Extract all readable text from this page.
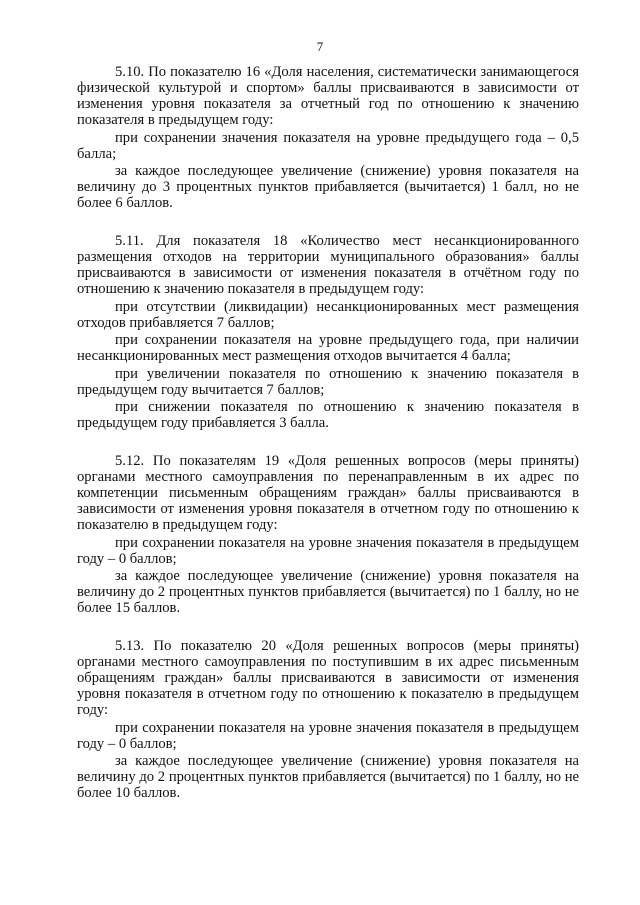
7

5.10. По показателю 16 «Доля населения, систематически занимающегося физической культурой и спортом» баллы присваиваются в зависимости от изменения уровня показателя за отчетный год по отношению к значению показателя в предыдущем году:

при сохранении значения показателя на уровне предыдущего года – 0,5 балла;

за каждое последующее увеличение (снижение) уровня показателя на величину до 3 процентных пунктов прибавляется (вычитается) 1 балл, но не более 6 баллов.

5.11. Для показателя 18 «Количество мест несанкционированного размещения отходов на территории муниципального образования» баллы присваиваются в зависимости от изменения показателя в отчётном году по отношению к значению показателя в предыдущем году:

при отсутствии (ликвидации) несанкционированных мест размещения отходов прибавляется 7 баллов;

при сохранении показателя на уровне предыдущего года, при наличии несанкционированных мест размещения отходов вычитается 4 балла;

при увеличении показателя по отношению к значению показателя в предыдущем году вычитается 7 баллов;

при снижении показателя по отношению к значению показателя в предыдущем году прибавляется 3 балла.

5.12. По показателям 19 «Доля решенных вопросов (меры приняты) органами местного самоуправления по перенаправленным в их адрес по компетенции письменным обращениям граждан» баллы присваиваются в зависимости от изменения уровня показателя в отчетном году по отношению к показателю в предыдущем году:

при сохранении показателя на уровне значения показателя в предыдущем году – 0 баллов;

за каждое последующее увеличение (снижение) уровня показателя на величину до 2 процентных пунктов прибавляется (вычитается) по 1 баллу, но не более 15 баллов.

5.13. По показателю 20 «Доля решенных вопросов (меры приняты) органами местного самоуправления по поступившим в их адрес письменным обращениям граждан» баллы присваиваются в зависимости от изменения уровня показателя в отчетном году по отношению к показателю в предыдущем году:

при сохранении показателя на уровне значения показателя в предыдущем году – 0 баллов;

за каждое последующее увеличение (снижение) уровня показателя на величину до 2 процентных пунктов прибавляется (вычитается) по 1 баллу, но не более 10 баллов.
